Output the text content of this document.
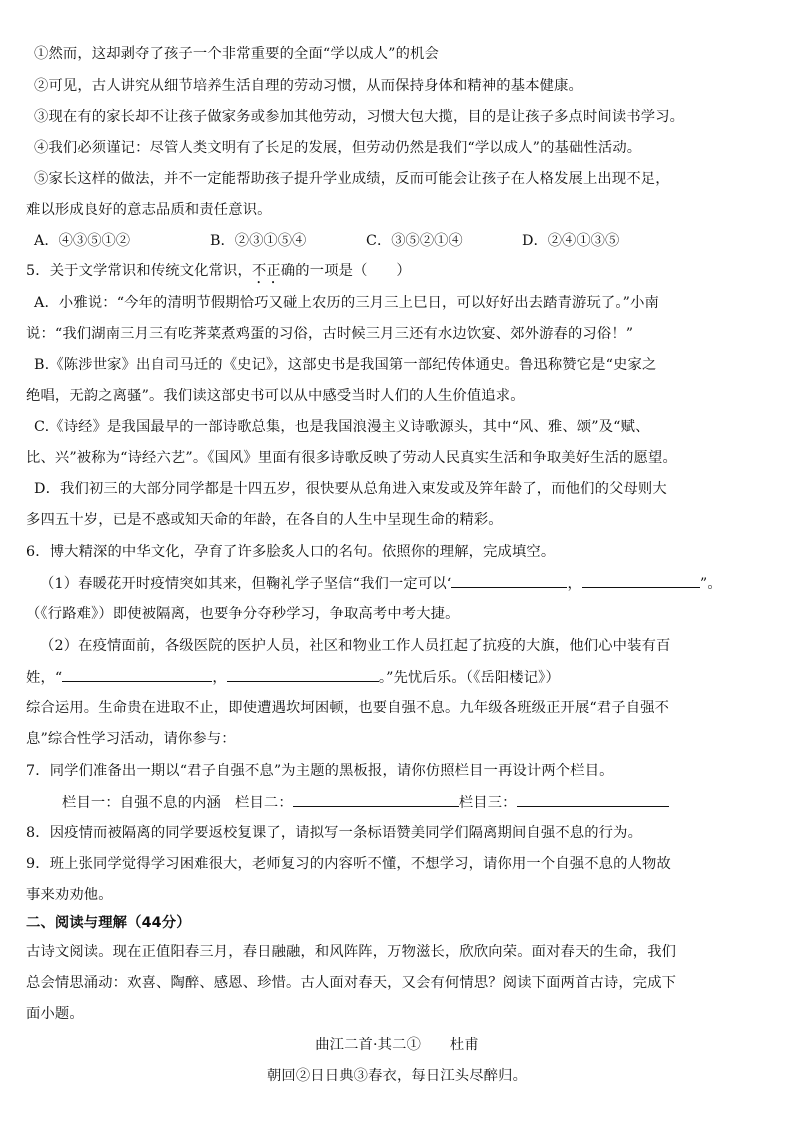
①然而，这却剥夺了孩子一个非常重要的全面“学以成人”的机会
②可见，古人讲究从细节培养生活自理的劳动习惯，从而保持身体和精神的基本健康。
③现在有的家长却不让孩子做家务或参加其他劳动，习惯大包大揽，目的是让孩子多点时间读书学习。
④我们必须谨记：尽管人类文明有了长足的发展，但劳动仍然是我们“学以成人”的基础性活动。
⑤家长这样的做法，并不一定能帮助孩子提升学业成绩，反而可能会让孩子在人格发展上出现不足，
难以形成良好的意志品质和责任意识。
A．④③⑤①②	B．②③①⑤④	C．③⑤②①④	D．②④①③⑤
5．关于文学常识和传统文化常识，不正确的一项是（　　）
A．小雅说：“今年的清明节假期恰巧又碰上农历的三月三上巳日，可以好好出去踏青游玩了。”小南
说：“我们湖南三月三有吃荠菜煮鸡蛋的习俗，古时候三月三还有水边饮宴、郊外游春的习俗！”
B.《陈涉世家》出自司马迁的《史记》，这部史书是我国第一部纪传体通史。鲁迅称赞它是“史家之
绝唱，无韵之离骚”。我们读这部史书可以从中感受当时人们的人生价值追求。
C.《诗经》是我国最早的一部诗歌总集，也是我国浪漫主义诗歌源头，其中“风、雅、颂”及“赋、
比、兴”被称为“诗经六艺”。《国风》里面有很多诗歌反映了劳动人民真实生活和争取美好生活的愿望。
D．我们初三的大部分同学都是十四五岁，很快要从总角进入束发或及笄年龄了，而他们的父母则大
多四五十岁，已是不惑或知天命的年龄，在各自的人生中呈现生命的精彩。
6．博大精深的中华文化，孕育了许多脍炙人口的名句。依照你的理解，完成填空。
（1）春暖花开时疫情突如其来，但鞠礼学子坚信“我们一定可以‘	，	”。
（《行路难》）即使被隔离，也要争分夺秒学习，争取高考中考大捷。
（2）在疫情面前，各级医院的医护人员，社区和物业工作人员扛起了抗疫的大旗，他们心中装有百
姓，“	，	。”先忧后乐。（《岳阳楼记》）
综合运用。生命贵在进取不止，即使遭遇坎坷困顿，也要自强不息。九年级各班级正开展“君子自强不
息”综合性学习活动，请你参与：
7．同学们准备出一期以“君子自强不息”为主题的黑板报，请你仿照栏目一再设计两个栏目。
栏目一：自强不息的内涵 栏目二：	栏目三：
8．因疫情而被隔离的同学要返校复课了，请拟写一条标语赞美同学们隔离期间自强不息的行为。
9．班上张同学觉得学习困难很大，老师复习的内容听不懂，不想学习，请你用一个自强不息的人物故
事来劝劝他。
二、阅读与理解（44分）
古诗文阅读。现在正值阳春三月，春日融融，和风阵阵，万物滋长，欣欣向荣。面对春天的生命，我们
总会情思涌动：欢喜、陶醉、感恩、珍惜。古人面对春天，又会有何情思？阅读下面两首古诗，完成下
面小题。
曲江二首·其二①　　杜甫
朝回②日日典③春衣，每日江头尽醉归。
